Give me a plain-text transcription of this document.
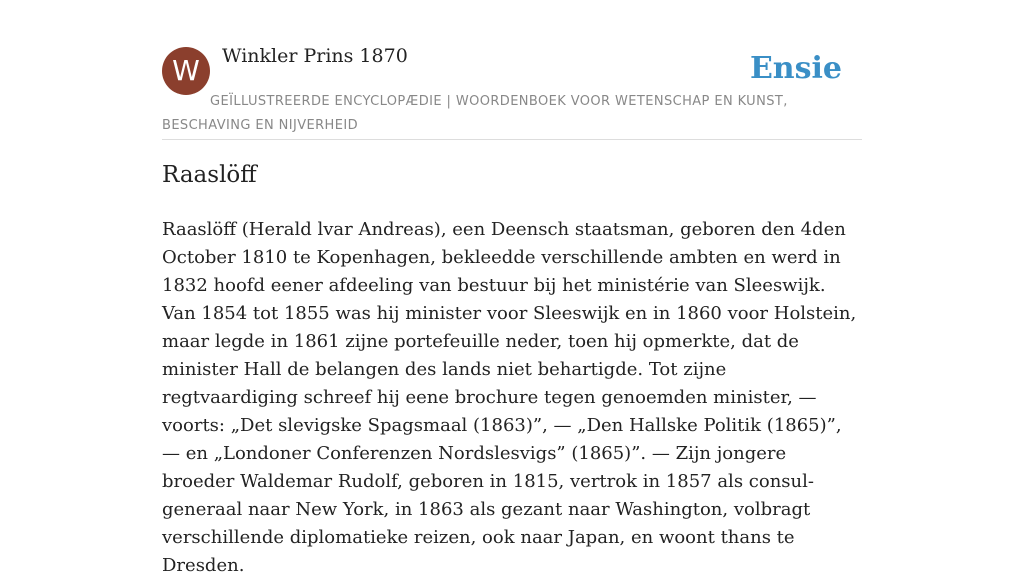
W	Winkler Prins 1870	Ensie
GEÏLLUSTREERDE ENCYCLOPÆDIE | WOORDENBOEK VOOR WETENSCHAP EN KUNST, BESCHAVING EN NIJVERHEID
Raaslöff

Raaslöff (Herald lvar Andreas), een Deensch staatsman, geboren den 4den October 1810 te Kopenhagen, bekleedde verschillende ambten en werd in 1832 hoofd eener afdeeling van bestuur bij het ministérie van Sleeswijk. Van 1854 tot 1855 was hij minister voor Sleeswijk en in 1860 voor Holstein, maar legde in 1861 zijne portefeuille neder, toen hij opmerkte, dat de minister Hall de belangen des lands niet behartigde. Tot zijne regtvaardiging schreef hij eene brochure tegen genoemden minister, — voorts: „Det slevigske Spagsmaal (1863)”, — „Den Hallske Politik (1865)”, — en „Londoner Conferenzen Nordslesvigs” (1865)”. — Zijn jongere broeder Waldemar Rudolf, geboren in 1815, vertrok in 1857 als consul-generaal naar New York, in 1863 als gezant naar Washington, volbragt verschillende diplomatieke reizen, ook naar Japan, en woont thans te Dresden.
